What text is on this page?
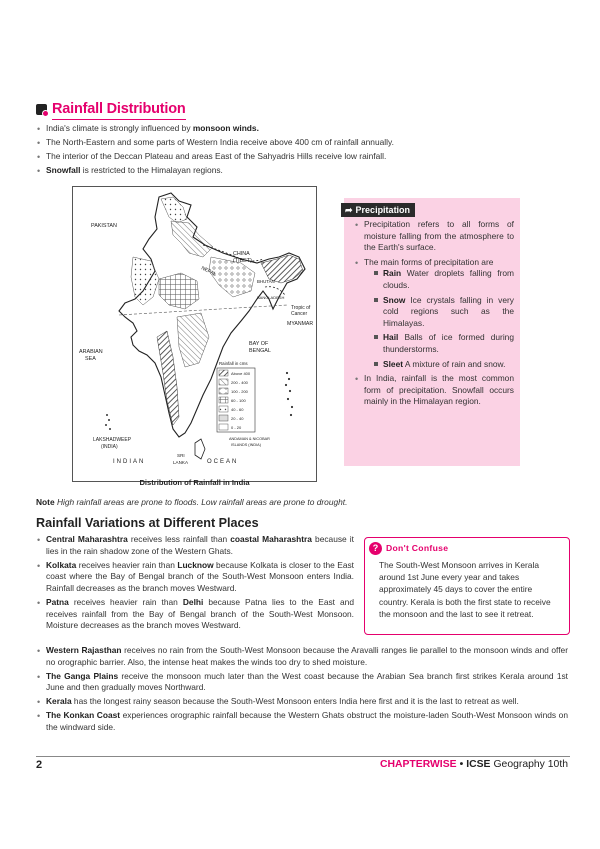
Rainfall Distribution
• India's climate is strongly influenced by monsoon winds.
• The North-Eastern and some parts of Western India receive above 400 cm of rainfall annually.
• The interior of the Deccan Plateau and areas East of the Sahyadris Hills receive low rainfall.
• Snowfall is restricted to the Himalayan regions.
PAKISTAN
CHINA
(TIBET)
NEPAL
BHUTAN
BANGLADESH
Tropic of
Cancer
MYANMAR
ARABIAN
SEA
BAY OF
BENGAL
LAKSHADWEEP
(INDIA)
INDIAN	OCEAN
SRI
LANKA
ANDAMAN & NICOBAR
ISLANDS (INDIA)
Rainfall in cms
Above 400
200 - 400
100 - 200
60 - 100
40 - 60
20 - 40
0 - 20
Distribution of Rainfall in India
➦ Precipitation
• Precipitation refers to all forms of moisture falling from the atmosphere to the Earth's surface.
• The main forms of precipitation are
Rain Water droplets falling from clouds.
Snow Ice crystals falling in very cold regions such as the Himalayas.
Hail Balls of ice formed during thunderstorms.
Sleet A mixture of rain and snow.
• In India, rainfall is the most common form of precipitation. Snowfall occurs mainly in the Himalayan region.
Note High rainfall areas are prone to floods. Low rainfall areas are prone to drought.
Rainfall Variations at Different Places
• Central Maharashtra receives less rainfall than coastal Maharashtra because it lies in the rain shadow zone of the Western Ghats.
• Kolkata receives heavier rain than Lucknow because Kolkata is closer to the East coast where the Bay of Bengal branch of the South-West Monsoon enters India. Rainfall decreases as the branch moves Westward.
• Patna receives heavier rain than Delhi because Patna lies to the East and receives rainfall from the Bay of Bengal branch of the South-West Monsoon. Moisture decreases as the branch moves Westward.
• Western Rajasthan receives no rain from the South-West Monsoon because the Aravalli ranges lie parallel to the monsoon winds and offer no orographic barrier. Also, the intense heat makes the winds too dry to shed moisture.
• The Ganga Plains receive the monsoon much later than the West coast because the Arabian Sea branch first strikes Kerala around 1st June and then gradually moves Northward.
• Kerala has the longest rainy season because the South-West Monsoon enters India here first and it is the last to retreat as well.
• The Konkan Coast experiences orographic rainfall because the Western Ghats obstruct the moisture-laden South-West Monsoon winds on the windward side.
? Don't Confuse
The South-West Monsoon arrives in Kerala around 1st June every year and takes approximately 45 days to cover the entire country. Kerala is both the first state to receive the monsoon and the last to see it retreat.
2	CHAPTERWISE • ICSE Geography 10th
